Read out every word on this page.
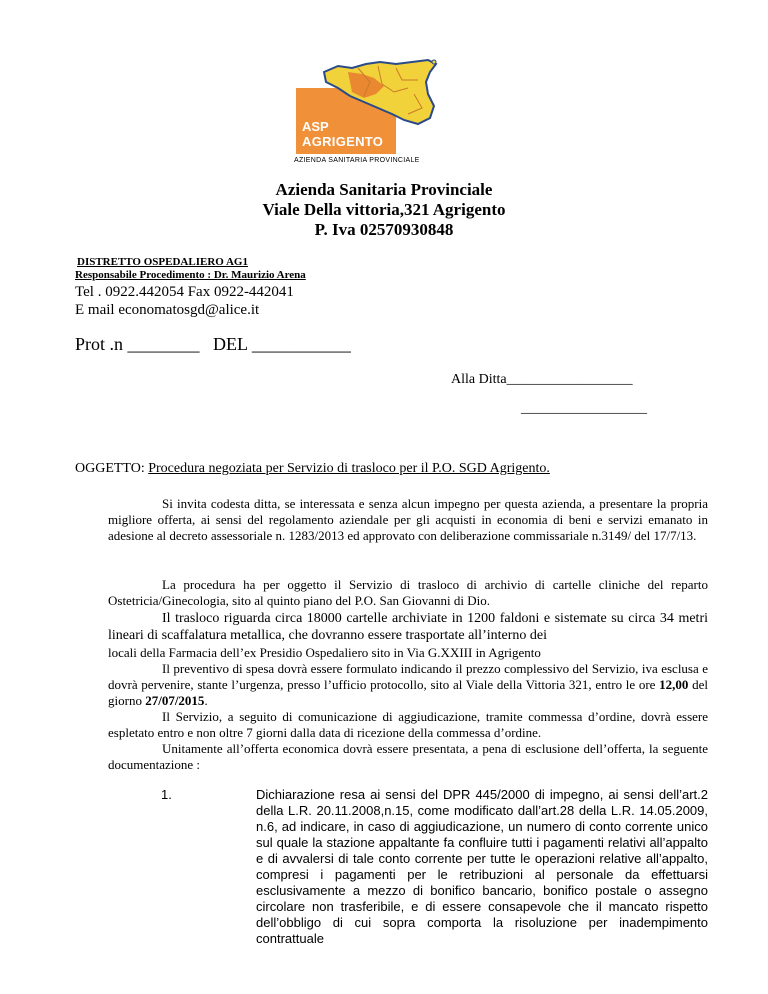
ASP
AGRIGENTO
AZIENDA SANITARIA PROVINCIALE
Azienda Sanitaria Provinciale
Viale Della vittoria,321 Agrigento
P. Iva 02570930848
DISTRETTO OSPEDALIERO AG1
Responsabile Procedimento : Dr. Maurizio Arena
Tel . 0922.442054 Fax 0922-442041
E mail economatosgd@alice.it
Prot .n ________   DEL ___________
Alla Ditta__________________
__________________
OGGETTO: Procedura negoziata per Servizio di trasloco per il P.O. SGD Agrigento.
Si invita codesta ditta, se interessata e senza alcun impegno per questa azienda, a presentare la propria migliore offerta, ai sensi del regolamento aziendale per gli acquisti in economia di beni e servizi emanato in adesione al decreto assessoriale n. 1283/2013 ed approvato con deliberazione commissariale n.3149/ del 17/7/13.
La procedura ha per oggetto il Servizio di trasloco di archivio di cartelle cliniche del reparto Ostetricia/Ginecologia, sito al quinto piano del P.O. San Giovanni di Dio.
Il trasloco riguarda circa 18000 cartelle archiviate in 1200 faldoni e sistemate su circa 34 metri lineari di scaffalatura metallica, che dovranno essere trasportate all’interno dei
locali della Farmacia dell’ex Presidio Ospedaliero sito in Via G.XXIII in Agrigento
Il preventivo di spesa dovrà essere formulato indicando il prezzo complessivo del Servizio, iva esclusa e dovrà pervenire, stante l’urgenza, presso l’ufficio protocollo, sito al Viale della Vittoria 321, entro le ore 12,00 del giorno 27/07/2015.
Il Servizio, a seguito di comunicazione di aggiudicazione, tramite commessa d’ordine, dovrà essere espletato entro e non oltre 7 giorni dalla data di ricezione della commessa d’ordine.
Unitamente all’offerta economica dovrà essere presentata, a pena di esclusione dell’offerta, la seguente documentazione :
1.	Dichiarazione resa ai sensi del DPR 445/2000 di impegno, ai sensi dell’art.2 della L.R. 20.11.2008,n.15, come modificato dall’art.28 della L.R. 14.05.2009, n.6, ad indicare, in caso di aggiudicazione, un numero di conto corrente unico sul quale la stazione appaltante fa confluire tutti i pagamenti relativi all’appalto e di avvalersi di tale conto corrente per tutte le operazioni relative all’appalto, compresi i pagamenti per le retribuzioni al personale da effettuarsi esclusivamente a mezzo di bonifico bancario, bonifico postale o assegno circolare non trasferibile, e di essere consapevole che il mancato rispetto dell’obbligo di cui sopra comporta la risoluzione per inadempimento contrattuale
